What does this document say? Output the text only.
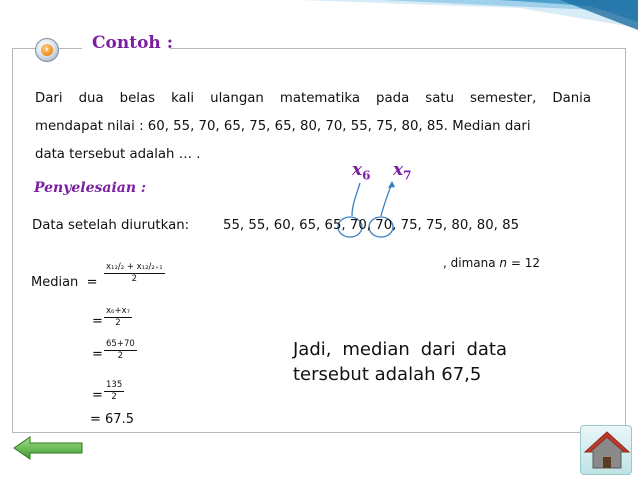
›	Contoh :
Dari dua belas kali ulangan matematika pada satu semester, Dania
mendapat nilai : 60, 55, 70, 65, 75, 65, 80, 70, 55, 75, 80, 85. Median dari
data tersebut adalah … .
Penyelesaian :
$x_6$ $x_7$
Data setelah diurutkan:	55, 55, 60, 65, 65, 70, 70, 75, 75, 80, 80, 85
, dimana n = 12
Median = $\frac{\text{x₁₂/₂ + x₁₂/₂₊₁}}{2}$
= $\frac{\text{x₆+x₇}}{2}$
= $\frac{65+70}{2}$
= $\frac{135}{2}$
= 67.5
Jadi, median dari data tersebut adalah 67,5
